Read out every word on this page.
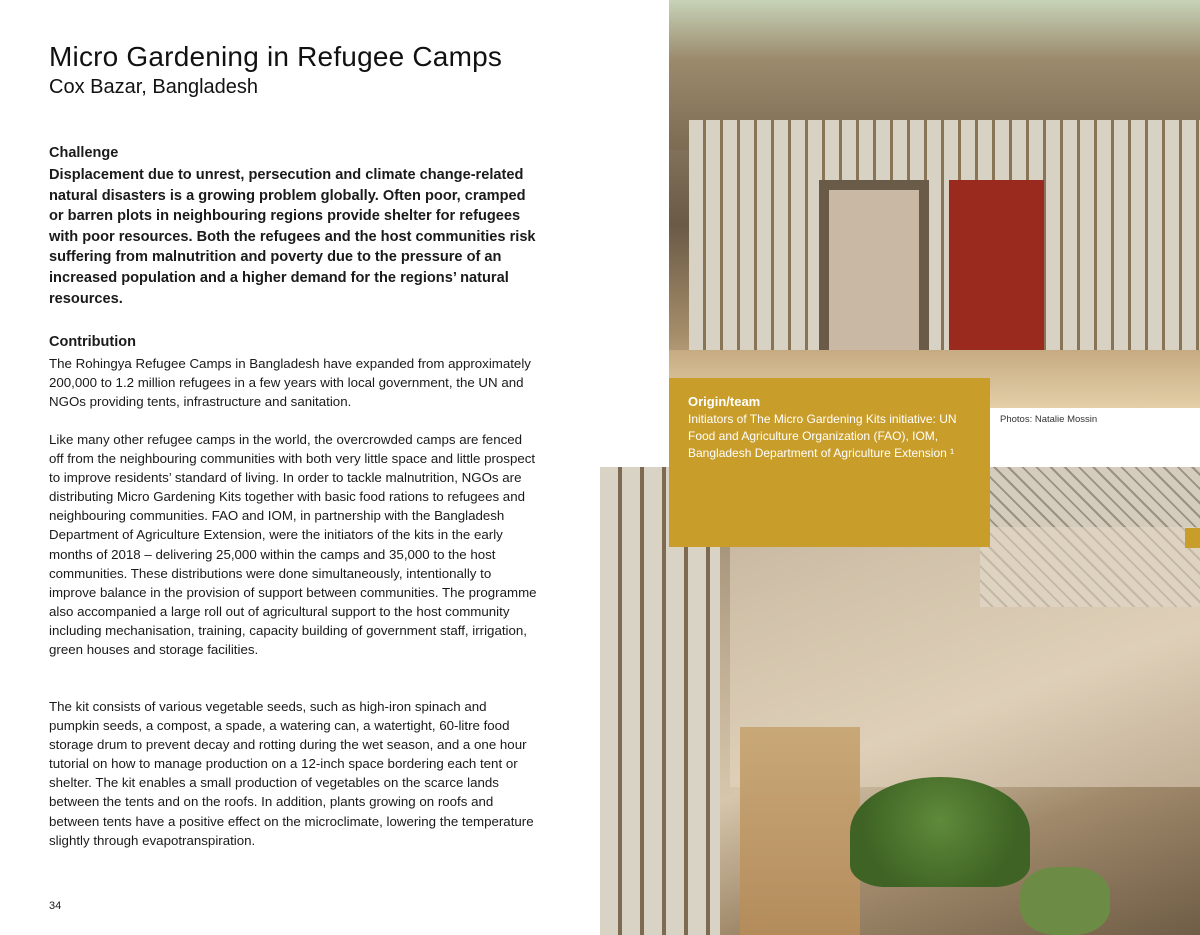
Micro Gardening in Refugee Camps
Cox Bazar, Bangladesh

Challenge

Displacement due to unrest, persecution and climate change-related natural disasters is a growing problem globally. Often poor, cramped or barren plots in neighbouring regions provide shelter for refugees with poor resources. Both the refugees and the host communities risk suffering from malnutrition and poverty due to the pressure of an increased population and a higher demand for the regions’ natural resources.

Contribution

The Rohingya Refugee Camps in Bangladesh have expanded from approximately 200,000 to 1.2 million refugees in a few years with local government, the UN and NGOs providing tents, infrastructure and sanitation.

Like many other refugee camps in the world, the overcrowded camps are fenced off from the neighbouring communities with both very little space and little prospect to improve residents’ standard of living. In order to tackle malnutrition, NGOs are distributing Micro Gardening Kits together with basic food rations to refugees and neighbouring communities. FAO and IOM, in partnership with the Bangladesh Department of Agriculture Extension, were the initiators of the kits in the early months of 2018 – delivering 25,000 within the camps and 35,000 to the host communities. These distributions were done simultaneously, intentionally to improve balance in the provision of support between communities. The programme also accompanied a large roll out of agricultural support to the host community including mechanisation, training, capacity building of government staff, irrigation, green houses and storage facilities.

The kit consists of various vegetable seeds, such as high-iron spinach and pumpkin seeds, a compost, a spade, a watering can, a watertight, 60-litre food storage drum to prevent decay and rotting during the wet season, and a one hour tutorial on how to manage production on a 12-inch space bordering each tent or shelter. The kit enables a small production of vegetables on the scarce lands between the tents and on the roofs. In addition, plants growing on roofs and between tents have a positive effect on the microclimate, lowering the temperature slightly through evapotranspiration.

34
Origin/team
Initiators of The Micro Gardening Kits initiative: UN Food and Agriculture Organization (FAO), IOM, Bangladesh Department of Agriculture Extension ¹
Photos: Natalie Mossin
